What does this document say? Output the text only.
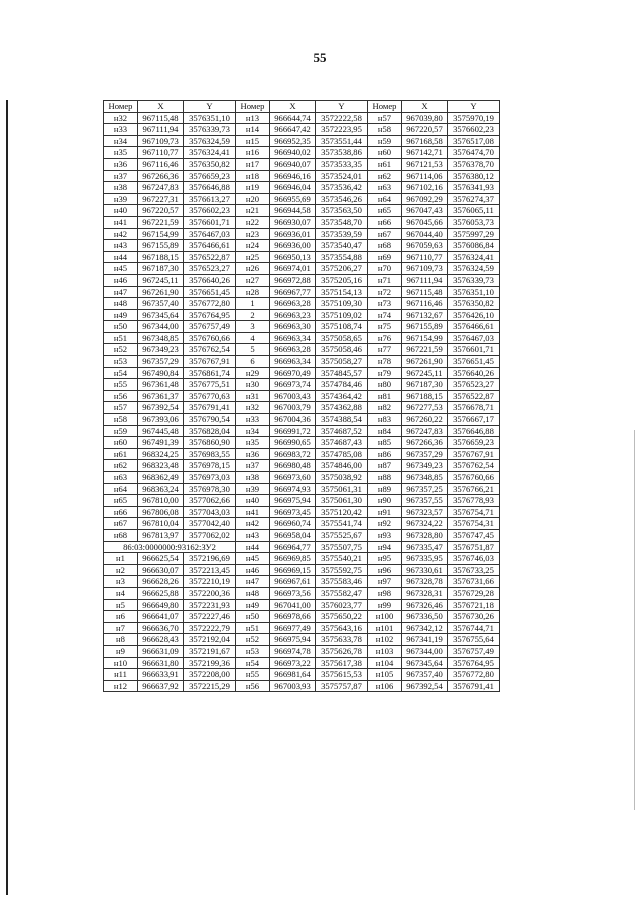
55
Номер	X	Y	Номер	X	Y	Номер	X	Y
н32	967115,48	3576351,10	н13	966644,74	3572222,58	н57	967039,80	3575970,19
н33	967111,94	3576339,73	н14	966647,42	3572223,95	н58	967220,57	3576602,23
н34	967109,73	3576324,59	н15	966952,35	3573551,44	н59	967168,58	3576517,08
н35	967110,77	3576324,41	н16	966940,02	3573538,86	н60	967142,71	3576474,70
н36	967116,46	3576350,82	н17	966940,07	3573533,35	н61	967121,53	3576378,70
н37	967266,36	3576659,23	н18	966946,16	3573524,01	н62	967114,06	3576380,12
н38	967247,83	3576646,88	н19	966946,04	3573536,42	н63	967102,16	3576341,93
н39	967227,31	3576613,27	н20	966955,69	3573546,26	н64	967092,29	3576274,37
н40	967220,57	3576602,23	н21	966944,58	3573563,50	н65	967047,43	3576065,11
н41	967221,59	3576601,71	н22	966930,07	3573548,70	н66	967045,66	3576053,73
н42	967154,99	3576467,03	н23	966936,01	3573539,59	н67	967044,40	3575997,29
н43	967155,89	3576466,61	н24	966936,00	3573540,47	н68	967059,63	3576086,84
н44	967188,15	3576522,87	н25	966950,13	3573554,88	н69	967110,77	3576324,41
н45	967187,30	3576523,27	н26	966974,01	3575206,27	н70	967109,73	3576324,59
н46	967245,11	3576640,26	н27	966972,88	3575205,16	н71	967111,94	3576339,73
н47	967261,90	3576651,45	н28	966967,77	3575154,13	н72	967115,48	3576351,10
н48	967357,40	3576772,80	1	966963,28	3575109,30	н73	967116,46	3576350,82
н49	967345,64	3576764,95	2	966963,23	3575109,02	н74	967132,67	3576426,10
н50	967344,00	3576757,49	3	966963,30	3575108,74	н75	967155,89	3576466,61
н51	967348,85	3576760,66	4	966963,34	3575058,65	н76	967154,99	3576467,03
н52	967349,23	3576762,54	5	966963,28	3575058,46	н77	967221,59	3576601,71
н53	967357,29	3576767,91	6	966963,34	3575058,27	н78	967261,90	3576651,45
н54	967490,84	3576861,74	н29	966970,49	3574845,57	н79	967245,11	3576640,26
н55	967361,48	3576775,51	н30	966973,74	3574784,46	н80	967187,30	3576523,27
н56	967361,37	3576770,63	н31	967003,43	3574364,42	н81	967188,15	3576522,87
н57	967392,54	3576791,41	н32	967003,79	3574362,88	н82	967277,53	3576678,71
н58	967393,06	3576790,54	н33	967004,36	3574388,54	н83	967260,22	3576667,17
н59	967445,48	3576828,04	н34	966991,72	3574687,52	н84	967247,83	3576646,88
н60	967491,39	3576860,90	н35	966990,65	3574687,43	н85	967266,36	3576659,23
н61	968324,25	3576983,55	н36	966983,72	3574785,08	н86	967357,29	3576767,91
н62	968323,48	3576978,15	н37	966980,48	3574846,00	н87	967349,23	3576762,54
н63	968362,49	3576973,03	н38	966973,60	3575038,92	н88	967348,85	3576760,66
н64	968363,24	3576978,30	н39	966974,93	3575061,31	н89	967357,25	3576766,21
н65	967810,00	3577062,66	н40	966975,94	3575061,30	н90	967357,55	3576778,93
н66	967806,08	3577043,03	н41	966973,45	3575120,42	н91	967323,57	3576754,71
н67	967810,04	3577042,40	н42	966960,74	3575541,74	н92	967324,22	3576754,31
н68	967813,97	3577062,02	н43	966958,04	3575525,67	н93	967328,80	3576747,45
86:03:0000000:93162:ЗУ2			н44	966964,77	3575507,75	н94	967335,47	3576751,87
н1	966625,54	3572196,69	н45	966969,85	3575540,21	н95	967335,95	3576746,03
н2	966630,07	3572213,45	н46	966969,15	3575592,75	н96	967330,61	3576733,25
н3	966628,26	3572210,19	н47	966967,61	3575583,46	н97	967328,78	3576731,66
н4	966625,88	3572200,36	н48	966973,56	3575582,47	н98	967328,31	3576729,28
н5	966649,80	3572231,93	н49	967041,00	3576023,77	н99	967326,46	3576721,18
н6	966641,07	3572227,46	н50	966978,66	3575650,22	н100	967336,50	3576730,26
н7	966636,70	3572222,79	н51	966977,49	3575643,16	н101	967342,12	3576744,71
н8	966628,43	3572192,04	н52	966975,94	3575633,78	н102	967341,19	3576755,64
н9	966631,09	3572191,67	н53	966974,78	3575626,78	н103	967344,00	3576757,49
н10	966631,80	3572199,36	н54	966973,22	3575617,38	н104	967345,64	3576764,95
н11	966633,91	3572208,00	н55	966981,64	3575615,53	н105	967357,40	3576772,80
н12	966637,92	3572215,29	н56	967003,93	3575757,87	н106	967392,54	3576791,41
